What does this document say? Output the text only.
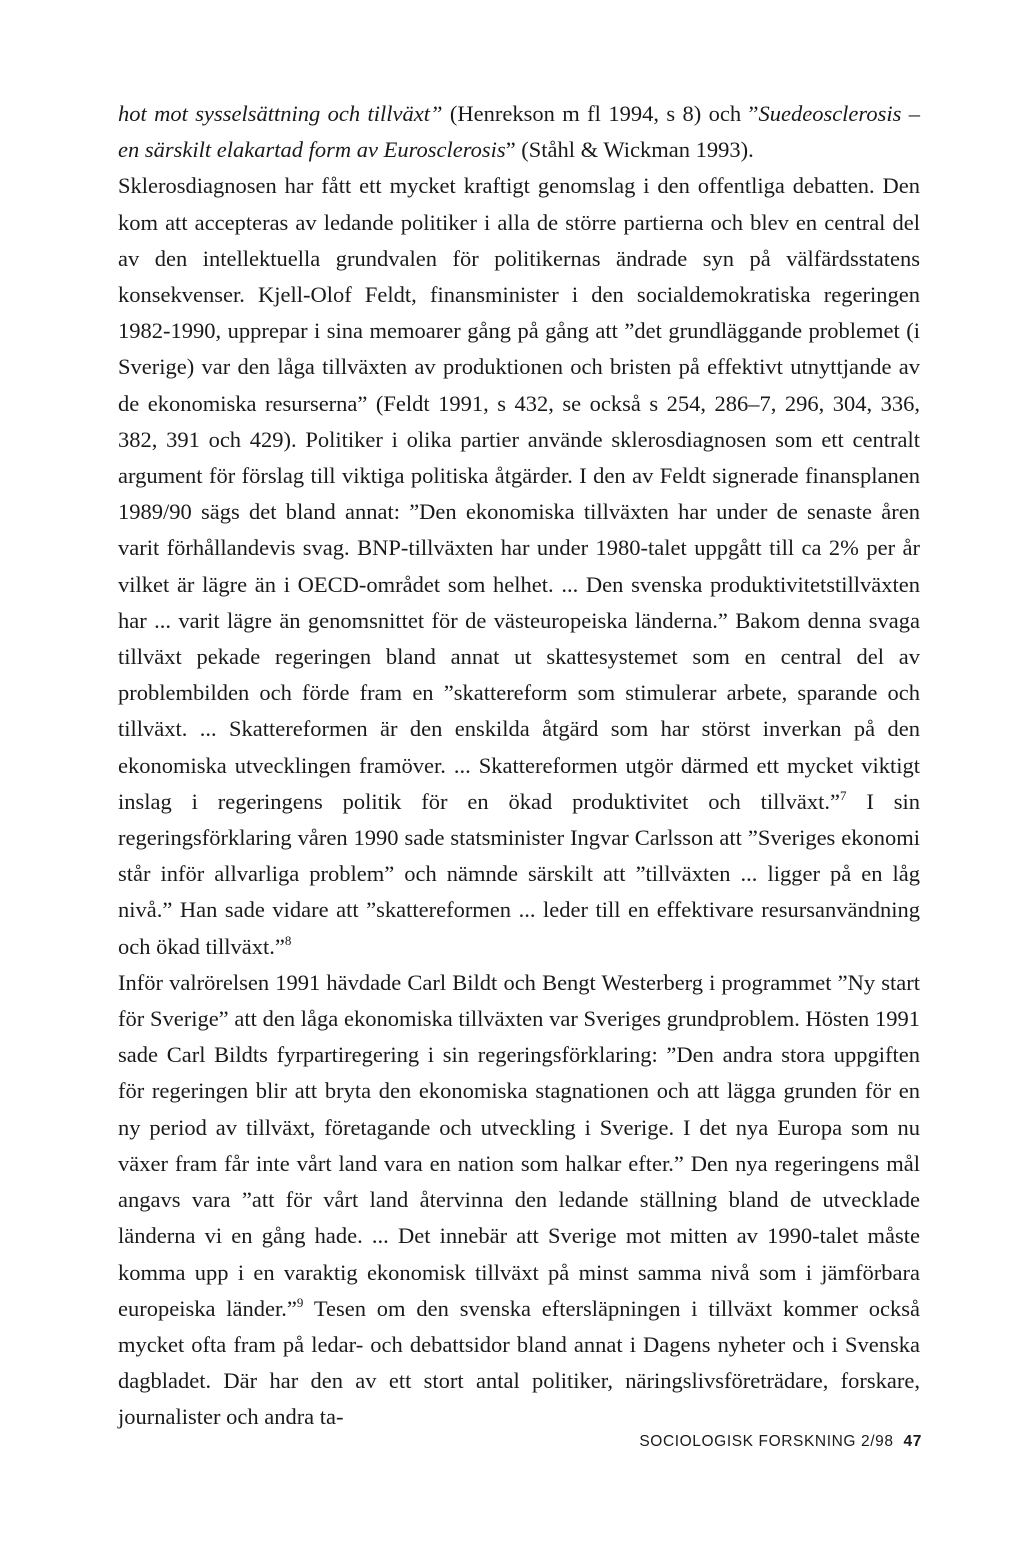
hot mot sysselsättning och tillväxt” (Henrekson m fl 1994, s 8) och ”Suedeosclerosis – en särskilt elakartad form av Eurosclerosis” (Ståhl & Wickman 1993).

Sklerosdiagnosen har fått ett mycket kraftigt genomslag i den offentliga debatten. Den kom att accepteras av ledande politiker i alla de större partierna och blev en central del av den intellektuella grundvalen för politikernas ändrade syn på välfärdsstatens konsekvenser. Kjell-Olof Feldt, finansminister i den socialdemokratiska regeringen 1982-1990, upprepar i sina memoarer gång på gång att ”det grundläggande problemet (i Sverige) var den låga tillväxten av produktionen och bristen på effektivt utnyttjande av de ekonomiska resurserna” (Feldt 1991, s 432, se också s 254, 286–7, 296, 304, 336, 382, 391 och 429). Politiker i olika partier använde sklerosdiagnosen som ett centralt argument för förslag till viktiga politiska åtgärder. I den av Feldt signerade finansplanen 1989/90 sägs det bland annat: ”Den ekonomiska tillväxten har under de senaste åren varit förhållandevis svag. BNP-tillväxten har under 1980-talet uppgått till ca 2% per år vilket är lägre än i OECD-området som helhet. ... Den svenska produktivitetstillväxten har ... varit lägre än genomsnittet för de västeuropeiska länderna.” Bakom denna svaga tillväxt pekade regeringen bland annat ut skattesystemet som en central del av problembilden och förde fram en ”skattereform som stimulerar arbete, sparande och tillväxt. ... Skattereformen är den enskilda åtgärd som har störst inverkan på den ekonomiska utvecklingen framöver. ... Skattereformen utgör därmed ett mycket viktigt inslag i regeringens politik för en ökad produktivitet och tillväxt.”$^7$ I sin regeringsförklaring våren 1990 sade statsminister Ingvar Carlsson att ”Sveriges ekonomi står inför allvarliga problem” och nämnde särskilt att ”tillväxten ... ligger på en låg nivå.” Han sade vidare att ”skattereformen ... leder till en effektivare resursanvändning och ökad tillväxt.”$^8$

Inför valrörelsen 1991 hävdade Carl Bildt och Bengt Westerberg i programmet ”Ny start för Sverige” att den låga ekonomiska tillväxten var Sveriges grundproblem. Hösten 1991 sade Carl Bildts fyrpartiregering i sin regeringsförklaring: ”Den andra stora uppgiften för regeringen blir att bryta den ekonomiska stagnationen och att lägga grunden för en ny period av tillväxt, företagande och utveckling i Sverige. I det nya Europa som nu växer fram får inte vårt land vara en nation som halkar efter.” Den nya regeringens mål angavs vara ”att för vårt land återvinna den ledande ställning bland de utvecklade länderna vi en gång hade. ... Det innebär att Sverige mot mitten av 1990-talet måste komma upp i en varaktig ekonomisk tillväxt på minst samma nivå som i jämförbara europeiska länder.”$^9$ Tesen om den svenska eftersläpningen i tillväxt kommer också mycket ofta fram på ledar- och debattsidor bland annat i Dagens nyheter och i Svenska dagbladet. Där har den av ett stort antal politiker, näringslivsföreträdare, forskare, journalister och andra ta-

SOCIOLOGISK FORSKNING 2/98 47
